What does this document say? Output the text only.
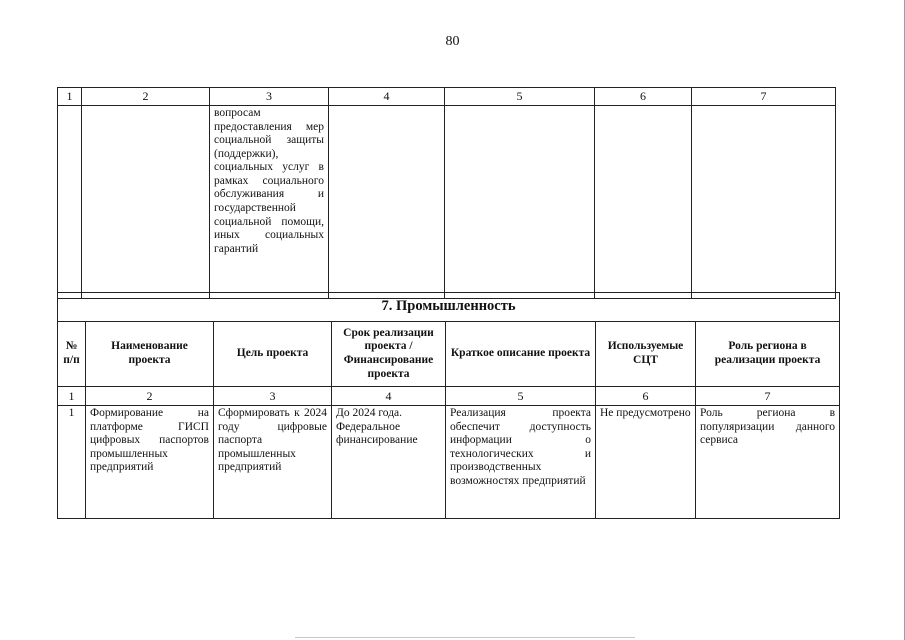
80
1	2	3	4	5	6	7
		вопросам предоставления мер социальной защиты (поддержки), социальных услуг в рамках социального обслуживания и государственной социальной помощи, иных социальных гарантий				
7. Промышленность						
№ п/п	Наименование проекта	Цель проекта	Срок реализации проекта / Финансирование проекта	Краткое описание проекта	Используемые СЦТ	Роль региона в реализации проекта
1	2	3	4	5	6	7
1	Формирование на платформе ГИСП цифровых паспортов промышленных предприятий	Сформировать к 2024 году цифровые паспорта промышленных предприятий	До 2024 года. Федеральное финансирование	Реализация проекта обеспечит доступность информации о технологических и производственных возможностях предприятий	Не предусмотрено	Роль региона в популяризации данного сервиса
